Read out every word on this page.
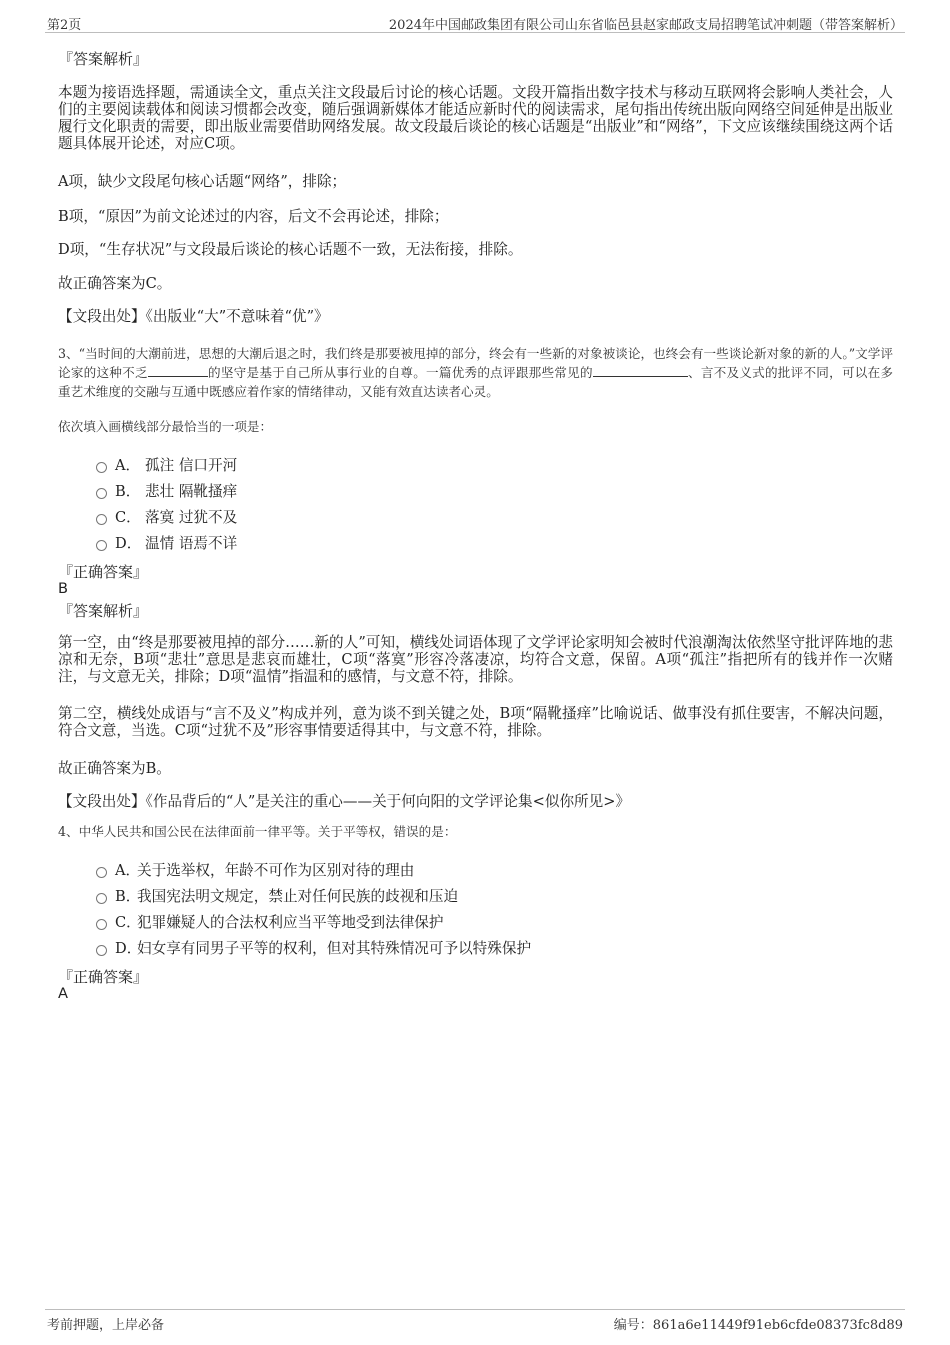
第2页	2024年中国邮政集团有限公司山东省临邑县赵家邮政支局招聘笔试冲刺题（带答案解析）
『答案解析』
本题为接语选择题，需通读全文，重点关注文段最后讨论的核心话题。文段开篇指出数字技术与移动互联网将会影响人类社会，人们的主要阅读载体和阅读习惯都会改变，随后强调新媒体才能适应新时代的阅读需求，尾句指出传统出版向网络空间延伸是出版业履行文化职责的需要，即出版业需要借助网络发展。故文段最后谈论的核心话题是“出版业”和“网络”，下文应该继续围绕这两个话题具体展开论述，对应C项。
A项，缺少文段尾句核心话题“网络”，排除；
B项，“原因”为前文论述过的内容，后文不会再论述，排除；
D项，“生存状况”与文段最后谈论的核心话题不一致，无法衔接，排除。
故正确答案为C。
【文段出处】《出版业“大”不意味着“优”》
3、“当时间的大潮前进，思想的大潮后退之时，我们终是那要被甩掉的部分，终会有一些新的对象被谈论，也终会有一些谈论新对象的新的人。”文学评论家的这种不乏	的坚守是基于自己所从事行业的自尊。一篇优秀的点评跟那些常见的	、言不及义式的批评不同，可以在多重艺术维度的交融与互通中既感应着作家的情绪律动，又能有效直达读者心灵。
依次填入画横线部分最恰当的一项是：
A． 孤注 信口开河
B． 悲壮 隔靴搔痒
C． 落寞 过犹不及
D． 温情 语焉不详
『正确答案』
B
『答案解析』
第一空，由“终是那要被甩掉的部分……新的人”可知，横线处词语体现了文学评论家明知会被时代浪潮淘汰依然坚守批评阵地的悲凉和无奈，B项“悲壮”意思是悲哀而雄壮，C项“落寞”形容冷落凄凉，均符合文意，保留。A项“孤注”指把所有的钱并作一次赌注，与文意无关，排除；D项“温情”指温和的感情，与文意不符，排除。
第二空，横线处成语与“言不及义”构成并列，意为谈不到关键之处，B项“隔靴搔痒”比喻说话、做事没有抓住要害，不解决问题，符合文意，当选。C项“过犹不及”形容事情要适得其中，与文意不符，排除。
故正确答案为B。
【文段出处】《作品背后的“人”是关注的重心——关于何向阳的文学评论集<似你所见>》
4、中华人民共和国公民在法律面前一律平等。关于平等权，错误的是：
A．
关于选举权，年龄不可作为区别对待的理由
B．
我国宪法明文规定，禁止对任何民族的歧视和压迫
C．
犯罪嫌疑人的合法权利应当平等地受到法律保护
D．
妇女享有同男子平等的权利，但对其特殊情况可予以特殊保护
『正确答案』
A
考前押题，上岸必备	编号：861a6e11449f91eb6cfde08373fc8d89
